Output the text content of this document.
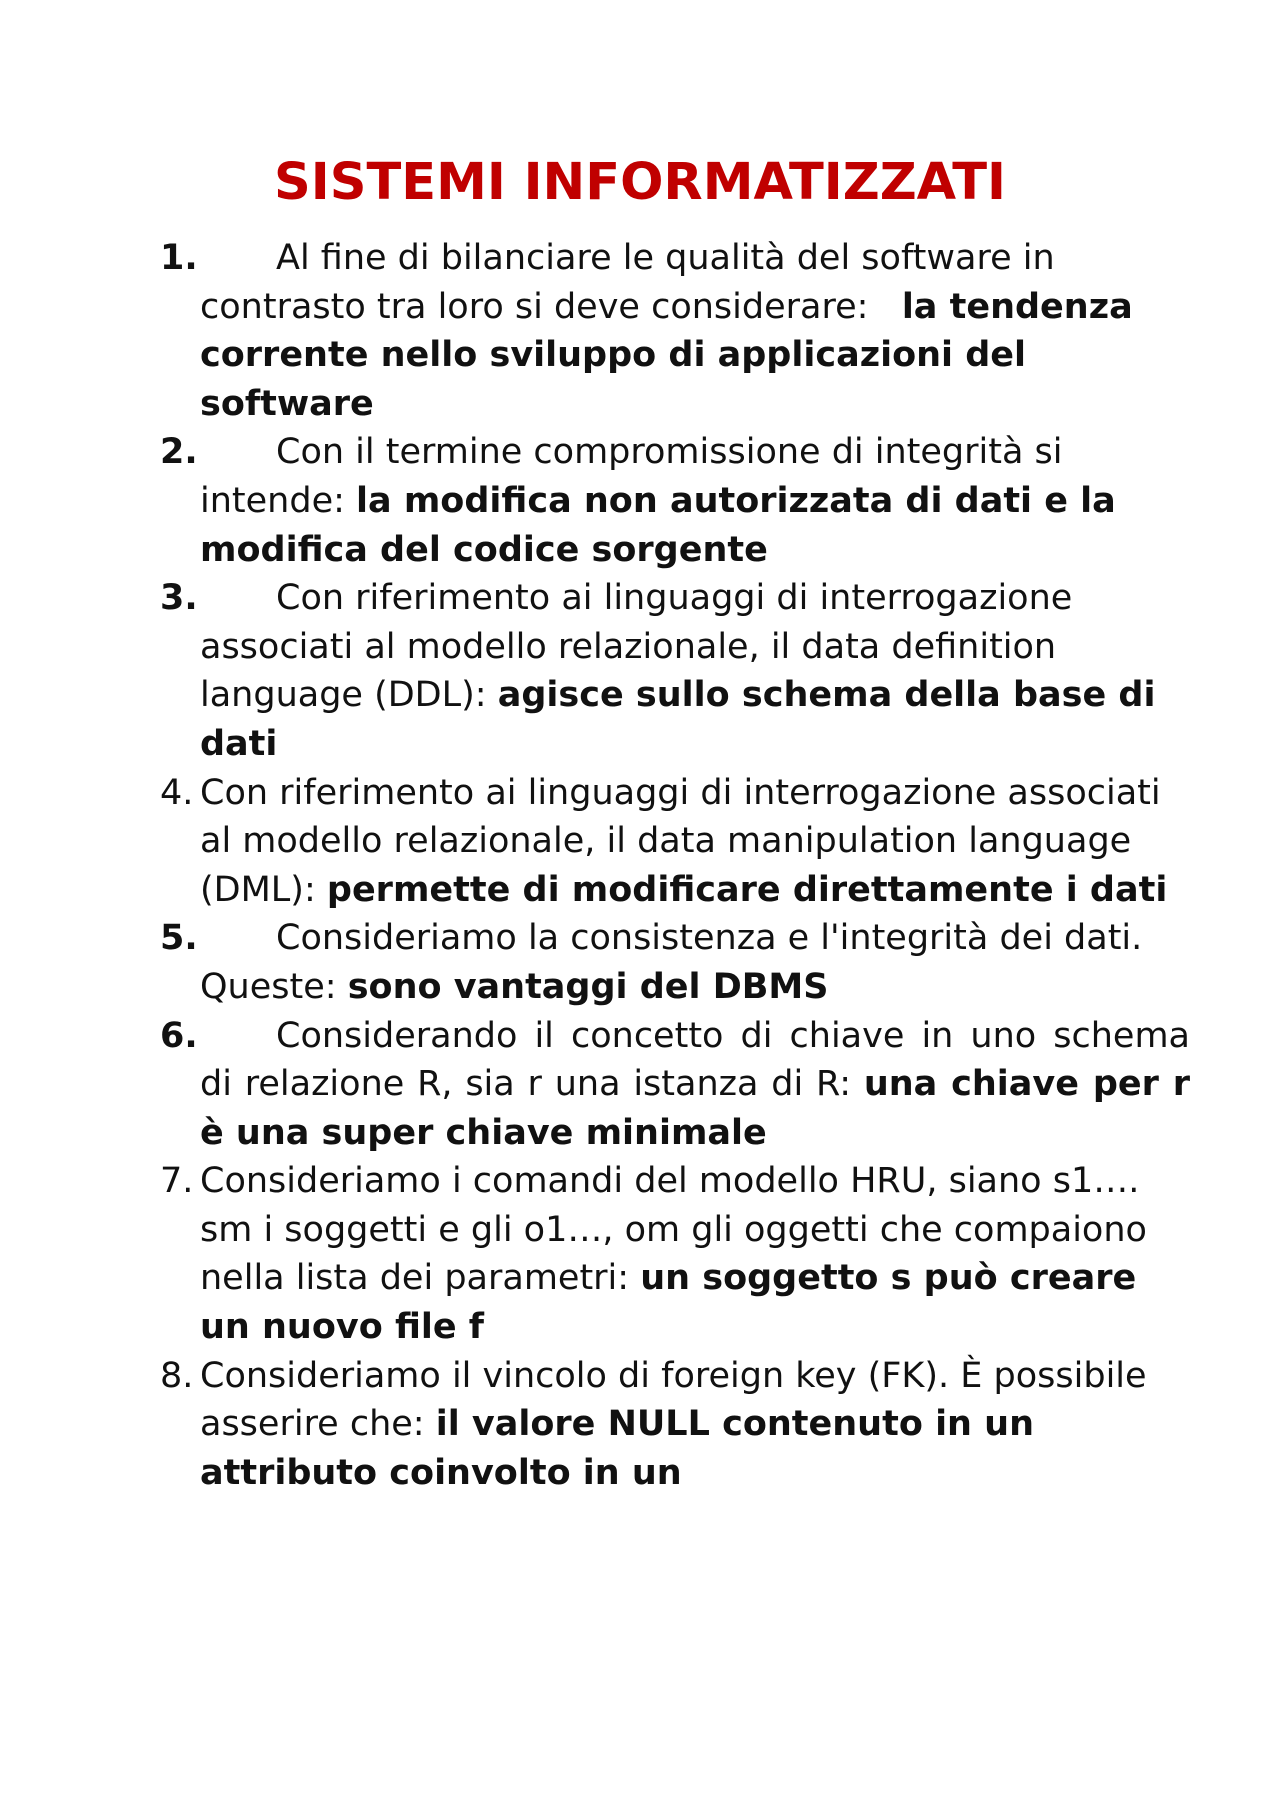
SISTEMI INFORMATIZZATI
1.	Al fine di bilanciare le qualità del software in contrasto tra loro si deve considerare: la tendenza corrente nello sviluppo di applicazioni del software

2.	Con il termine compromissione di integrità si intende: la modifica non autorizzata di dati e la modifica del codice sorgente

3.	Con riferimento ai linguaggi di interrogazione associati al modello relazionale, il data definition language (DDL): agisce sullo schema della base di dati

4. Con riferimento ai linguaggi di interrogazione associati al modello relazionale, il data manipulation language (DML): permette di modificare direttamente i dati

5.	Consideriamo la consistenza e l'integrità dei dati. Queste: sono vantaggi del DBMS

6.	Considerando il concetto di chiave in uno schema di relazione R, sia r una istanza di R: una chiave per r è una super chiave minimale

7. Consideriamo i comandi del modello HRU, siano s1…. sm i soggetti e gli o1…, om gli oggetti che compaiono nella lista dei parametri: un soggetto s può creare un nuovo file f

8. Consideriamo il vincolo di foreign key (FK). È possibile asserire che: il valore NULL contenuto in un attributo coinvolto in un
